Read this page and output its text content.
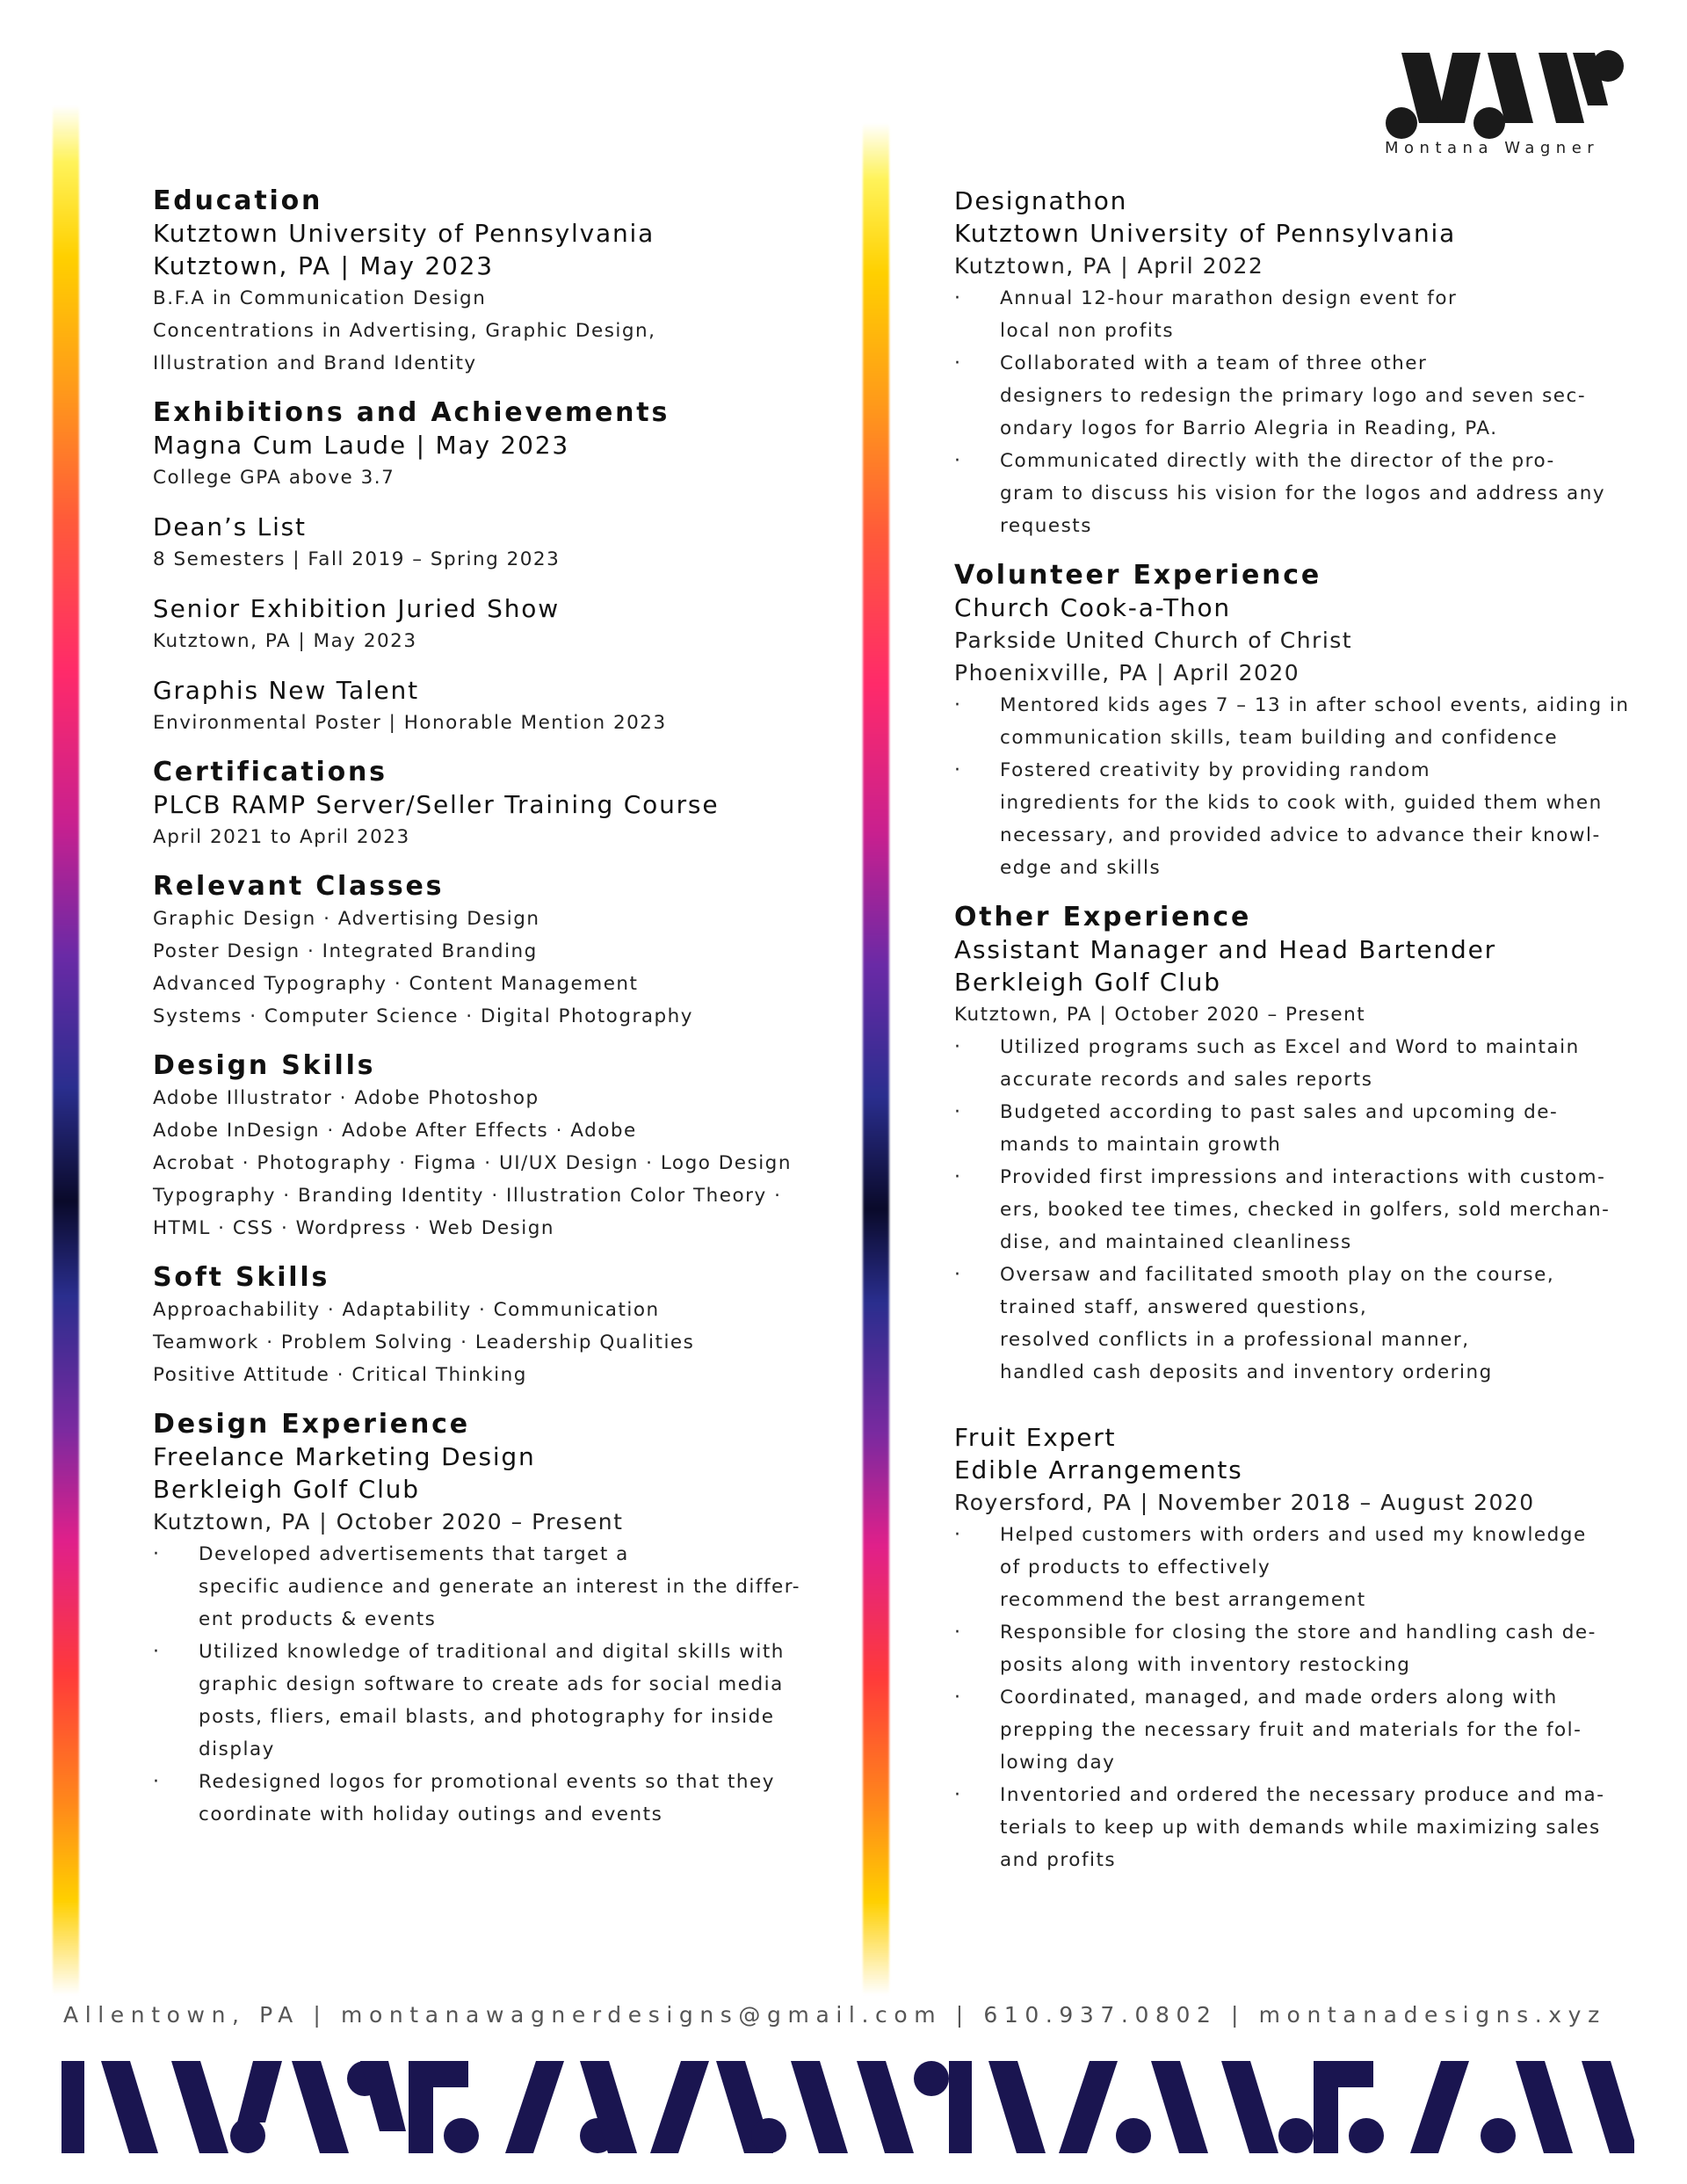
Montana Wagner
Education
Kutztown University of Pennsylvania
Kutztown, PA | May 2023
B.F.A in Communication Design
Concentrations in Advertising, Graphic Design,
Illustration and Brand Identity
Exhibitions and Achievements
Magna Cum Laude | May 2023
College GPA above 3.7
Dean’s List
8 Semesters | Fall 2019 – Spring 2023
Senior Exhibition Juried Show
Kutztown, PA | May 2023
Graphis New Talent
Environmental Poster | Honorable Mention 2023
Certifications
PLCB RAMP Server/Seller Training Course
April 2021 to April 2023
Relevant Classes
Graphic Design · Advertising Design
Poster Design · Integrated Branding
Advanced Typography · Content Management
Systems · Computer Science · Digital Photography
Design Skills
Adobe Illustrator · Adobe Photoshop
Adobe InDesign · Adobe After Effects · Adobe
Acrobat · Photography · Figma · UI/UX Design · Logo Design
Typography · Branding Identity · Illustration Color Theory ·
HTML · CSS · Wordpress · Web Design
Soft Skills
Approachability · Adaptability · Communication
Teamwork · Problem Solving · Leadership Qualities
Positive Attitude · Critical Thinking
Design Experience
Freelance Marketing Design
Berkleigh Golf Club
Kutztown, PA | October 2020 – Present
· Developed advertisements that target a
specific audience and generate an interest in the differ-
ent products & events
· Utilized knowledge of traditional and digital skills with
graphic design software to create ads for social media
posts, fliers, email blasts, and photography for inside
display
· Redesigned logos for promotional events so that they
coordinate with holiday outings and events
Designathon
Kutztown University of Pennsylvania
Kutztown, PA | April 2022
· Annual 12-hour marathon design event for
local non profits
· Collaborated with a team of three other
designers to redesign the primary logo and seven sec-
ondary logos for Barrio Alegria in Reading, PA.
· Communicated directly with the director of the pro-
gram to discuss his vision for the logos and address any
requests
Volunteer Experience
Church Cook-a-Thon
Parkside United Church of Christ
Phoenixville, PA | April 2020
· Mentored kids ages 7 – 13 in after school events, aiding in
communication skills, team building and confidence
· Fostered creativity by providing random
ingredients for the kids to cook with, guided them when
necessary, and provided advice to advance their knowl-
edge and skills
Other Experience
Assistant Manager and Head Bartender
Berkleigh Golf Club
Kutztown, PA | October 2020 – Present
· Utilized programs such as Excel and Word to maintain
accurate records and sales reports
· Budgeted according to past sales and upcoming de-
mands to maintain growth
· Provided first impressions and interactions with custom-
ers, booked tee times, checked in golfers, sold merchan-
dise, and maintained cleanliness
· Oversaw and facilitated smooth play on the course,
trained staff, answered questions,
resolved conflicts in a professional manner,
handled cash deposits and inventory ordering
Fruit Expert
Edible Arrangements
Royersford, PA | November 2018 – August 2020
· Helped customers with orders and used my knowledge
of products to effectively
recommend the best arrangement
· Responsible for closing the store and handling cash de-
posits along with inventory restocking
· Coordinated, managed, and made orders along with
prepping the necessary fruit and materials for the fol-
lowing day
· Inventoried and ordered the necessary produce and ma-
terials to keep up with demands while maximizing sales
and profits
Allentown, PA | montanawagnerdesigns@gmail.com | 610.937.0802 | montanadesigns.xyz
